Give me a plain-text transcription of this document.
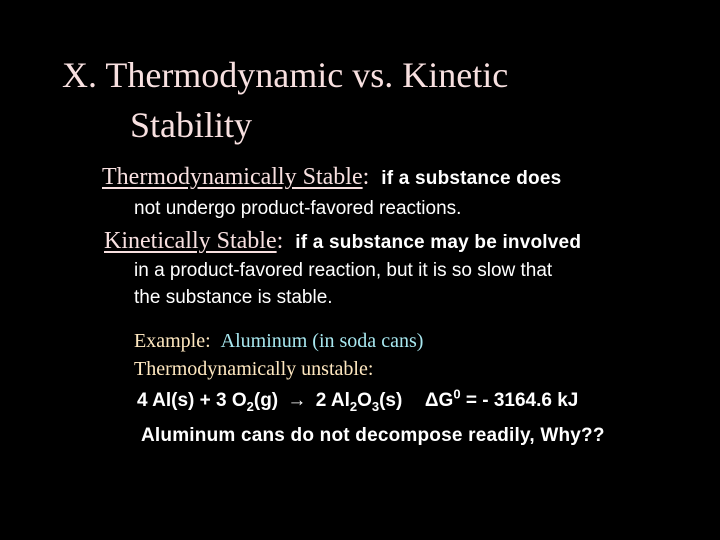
X. Thermodynamic vs. Kinetic
Stability
Thermodynamically Stable: if a substance does
not undergo product-favored reactions.
Kinetically Stable: if a substance may be involved
in a product-favored reaction, but it is so slow that
the substance is stable.
Example: Aluminum (in soda cans)
Thermodynamically unstable:
4 Al(s) + 3 $O_2(g) \to 2$ $Al_2O_3(s) \Delta G^0$ = - 3164.6 kJ
Aluminum cans do not decompose readily, Why??
